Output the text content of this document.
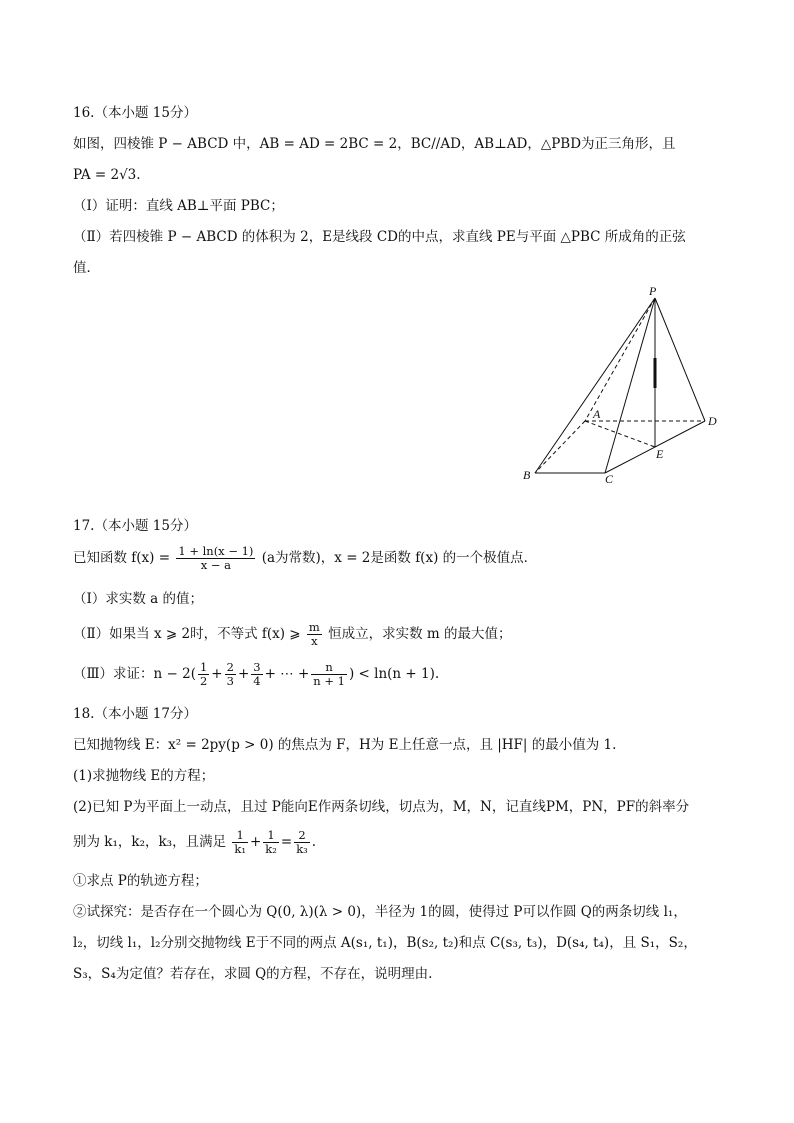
16.（本小题 15分）
如图，四棱锥 P − ABCD 中，AB = AD = 2BC = 2，BC//AD，AB⊥AD，△PBD为正三角形，且
PA = 2√3.
（Ⅰ）证明：直线 AB⊥平面 PBC；
（Ⅱ）若四棱锥 P − ABCD 的体积为 2，E是线段 CD的中点，求直线 PE与平面 △PBC 所成角的正弦
值．
P
A
B	C
D
E
17.（本小题 15分）
已知函数 $f(x) = \frac{1 + \ln(x - 1)}{x - a} (a$为常数)，x = 2是函数 f(x) 的一个极值点．
（Ⅰ）求实数 a 的值；
（Ⅱ）如果当 x ⩾ 2时，不等式 f(x) ⩾ $\frac{m}{x}$ 恒成立，求实数 m 的最大值；
（Ⅲ）求证：$n - 2( \frac{1}{2} + \frac{2}{3} + \frac{3}{4}$ + ⋯ + $\frac{n}{n + 1}$ ) < ln(n + 1).
18.（本小题 17分）
已知抛物线 E：x² = 2py(p > 0) 的焦点为 F，H为 E上任意一点，且 |HF| 的最小值为 1.
(1)求抛物线 E的方程；
(2)已知 P为平面上一动点，且过 P能向E作两条切线，切点为，M，N，记直线PM，PN，PF的斜率分
别为 k₁，k₂，k₃，且满足 $\frac{1}{\text{k₁}} + \frac{1}{\text{k₂}} = \frac{2}{\text{k₃}}$ .
①求点 P的轨迹方程；
②试探究：是否存在一个圆心为 Q(0, λ)(λ > 0)，半径为 1的圆，使得过 P可以作圆 Q的两条切线 l₁，
l₂，切线 l₁，l₂分别交抛物线 E于不同的两点 A(s₁, t₁)，B(s₂, t₂)和点 C(s₃, t₃)，D(s₄, t₄)，且 S₁，S₂，
S₃，S₄为定值？若存在，求圆 Q的方程，不存在，说明理由.
